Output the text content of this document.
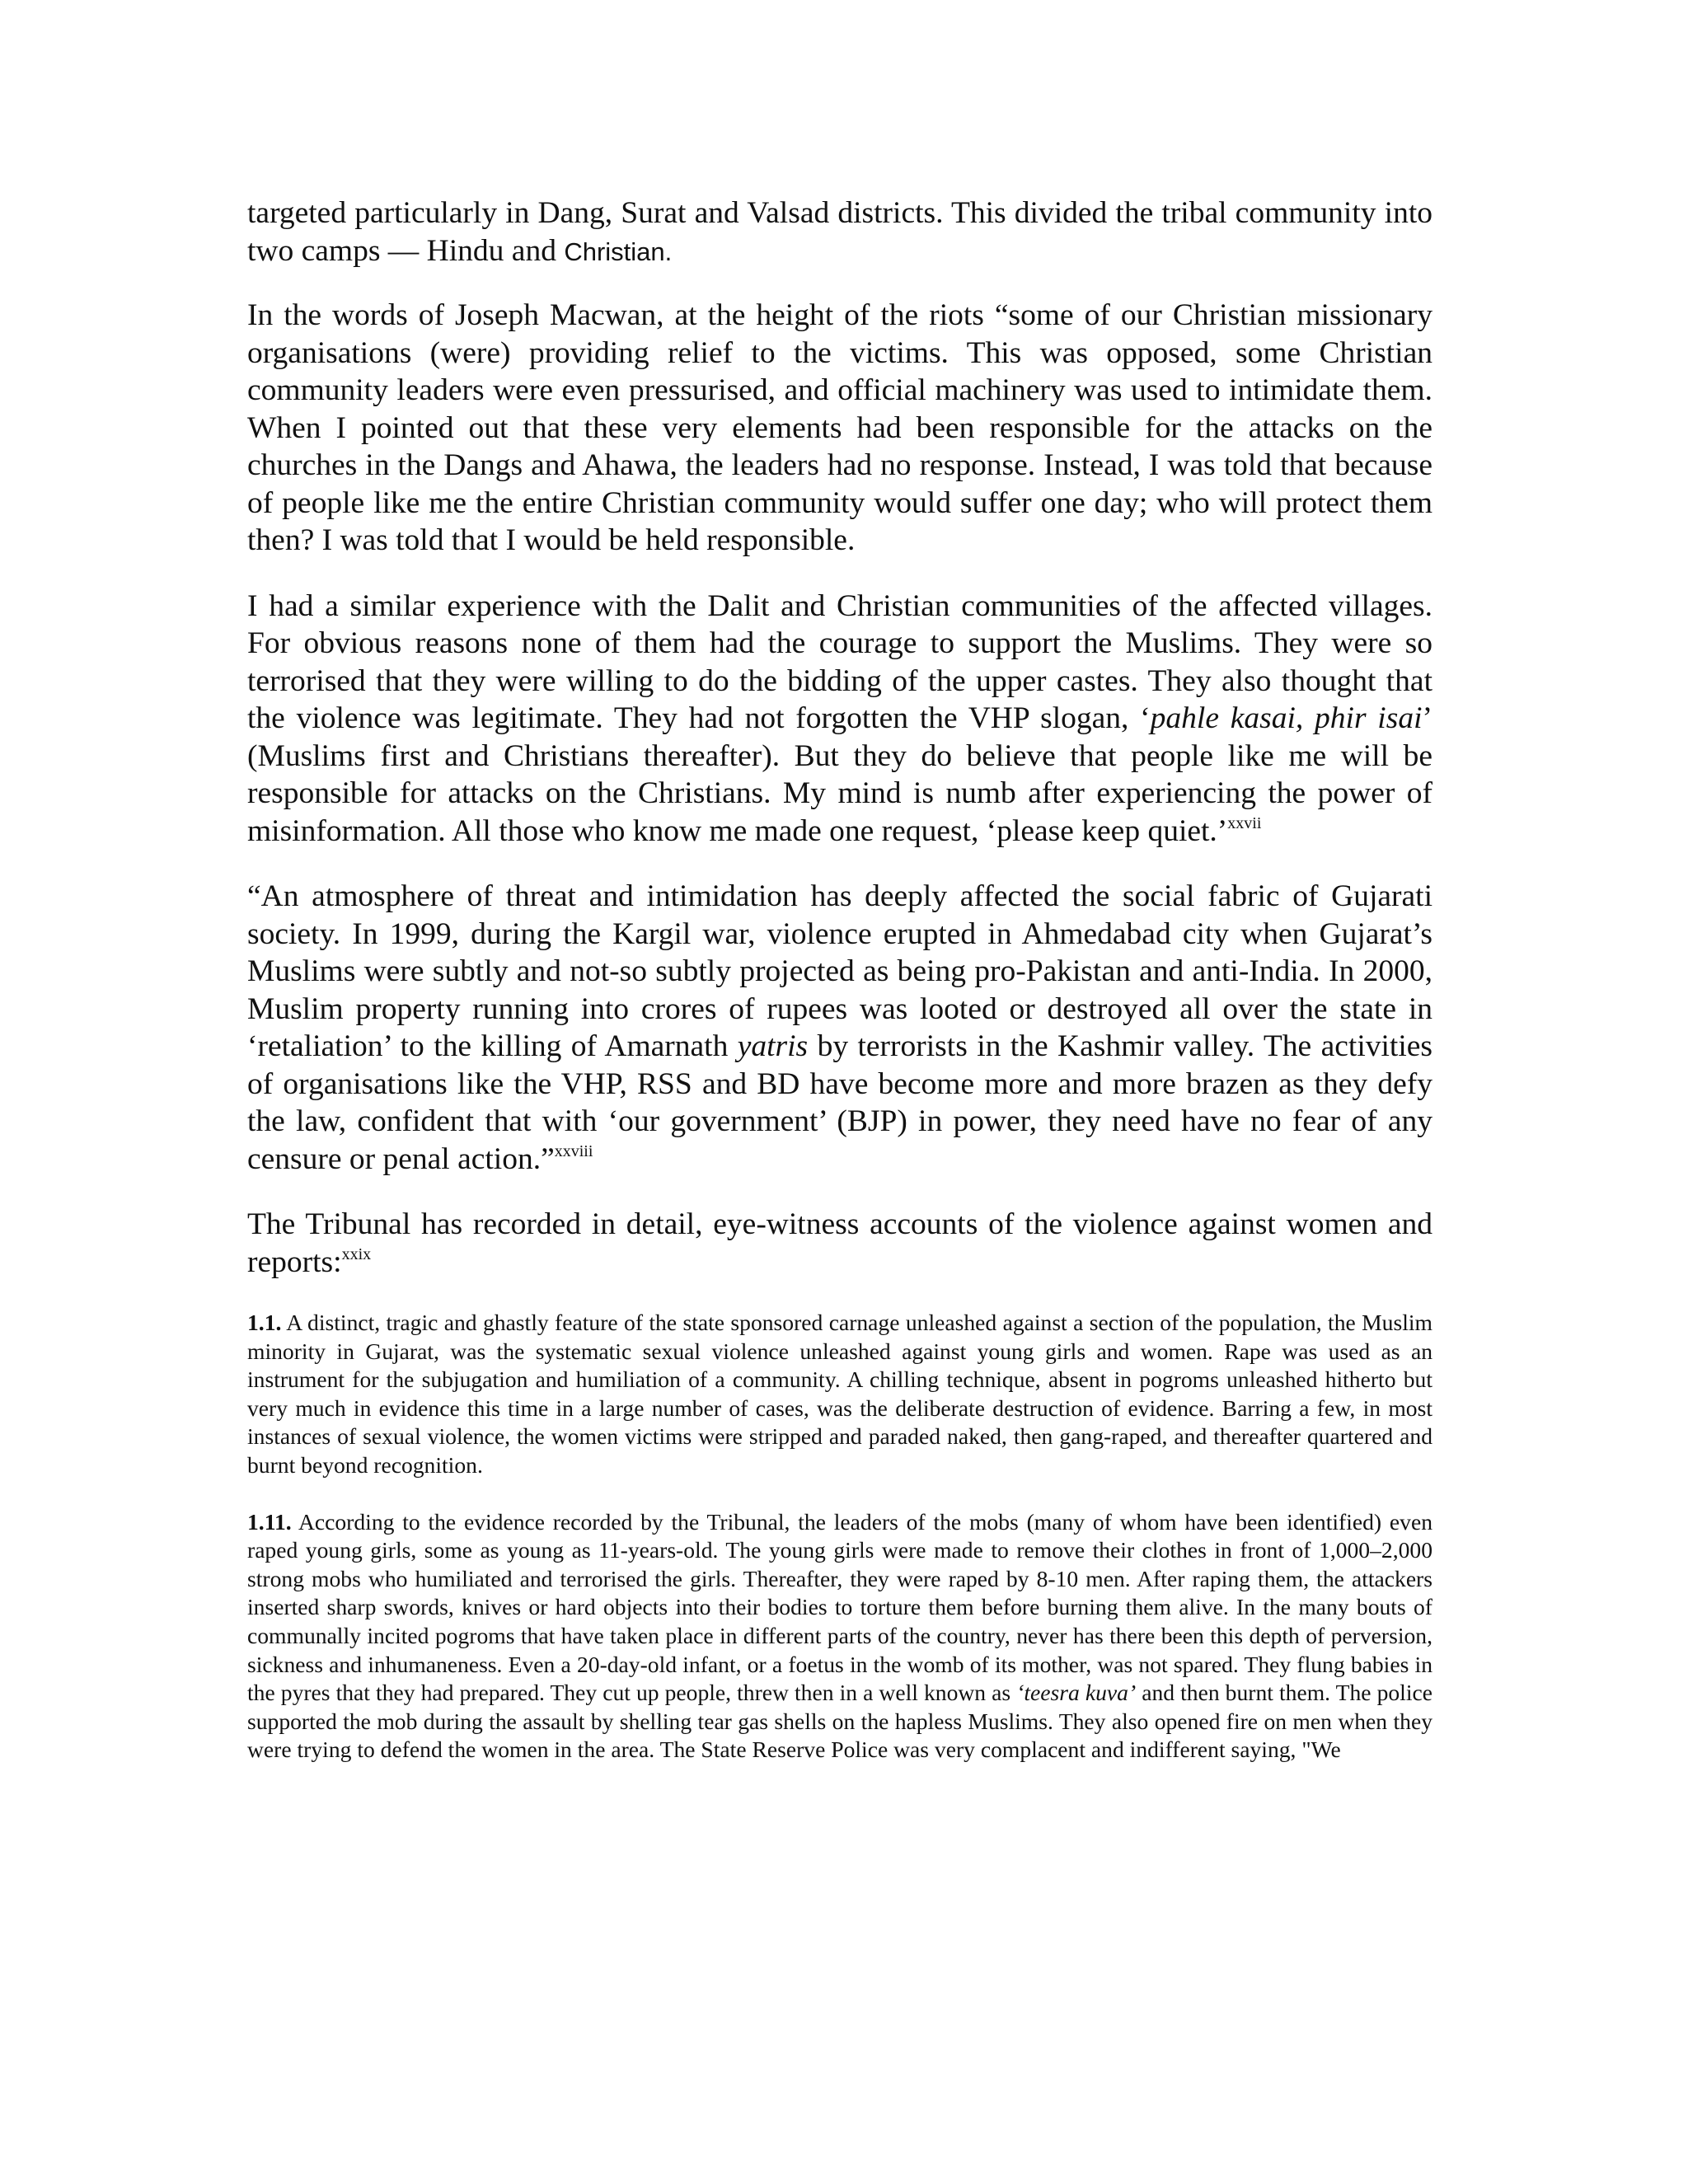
targeted particularly in Dang, Surat and Valsad districts. This divided the tribal community into two camps — Hindu and Christian.

In the words of Joseph Macwan, at the height of the riots “some of our Christian missionary organisations (were) providing relief to the victims. This was opposed, some Christian community leaders were even pressurised, and official machinery was used to intimidate them. When I pointed out that these very elements had been responsible for the attacks on the churches in the Dangs and Ahawa, the leaders had no response. Instead, I was told that because of people like me the entire Christian community would suffer one day; who will protect them then? I was told that I would be held responsible.

I had a similar experience with the Dalit and Christian communities of the affected villages. For obvious reasons none of them had the courage to support the Muslims. They were so terrorised that they were willing to do the bidding of the upper castes. They also thought that the violence was legitimate. They had not forgotten the VHP slogan, ‘pahle kasai, phir isai’ (Muslims first and Christians thereafter). But they do believe that people like me will be responsible for attacks on the Christians. My mind is numb after experiencing the power of misinformation. All those who know me made one request, ‘please keep quiet.’$^{xxvii}$

“An atmosphere of threat and intimidation has deeply affected the social fabric of Gujarati society. In 1999, during the Kargil war, violence erupted in Ahmedabad city when Gujarat’s Muslims were subtly and not-so subtly projected as being pro-Pakistan and anti-India. In 2000, Muslim property running into crores of rupees was looted or destroyed all over the state in ‘retaliation’ to the killing of Amarnath yatris by terrorists in the Kashmir valley. The activities of organisations like the VHP, RSS and BD have become more and more brazen as they defy the law, confident that with ‘our government’ (BJP) in power, they need have no fear of any censure or penal action.”$^{xxviii}$

The Tribunal has recorded in detail, eye-witness accounts of the violence against women and reports:$^{xxix}$

1.1. A distinct, tragic and ghastly feature of the state sponsored carnage unleashed against a section of the population, the Muslim minority in Gujarat, was the systematic sexual violence unleashed against young girls and women. Rape was used as an instrument for the subjugation and humiliation of a community. A chilling technique, absent in pogroms unleashed hitherto but very much in evidence this time in a large number of cases, was the deliberate destruction of evidence. Barring a few, in most instances of sexual violence, the women victims were stripped and paraded naked, then gang-raped, and thereafter quartered and burnt beyond recognition.

1.11. According to the evidence recorded by the Tribunal, the leaders of the mobs (many of whom have been identified) even raped young girls, some as young as 11-years-old. The young girls were made to remove their clothes in front of 1,000–2,000 strong mobs who humiliated and terrorised the girls. Thereafter, they were raped by 8-10 men. After raping them, the attackers inserted sharp swords, knives or hard objects into their bodies to torture them before burning them alive. In the many bouts of communally incited pogroms that have taken place in different parts of the country, never has there been this depth of perversion, sickness and inhumaneness. Even a 20-day-old infant, or a foetus in the womb of its mother, was not spared. They flung babies in the pyres that they had prepared. They cut up people, threw then in a well known as ‘teesra kuva’ and then burnt them. The police supported the mob during the assault by shelling tear gas shells on the hapless Muslims. They also opened fire on men when they were trying to defend the women in the area. The State Reserve Police was very complacent and indifferent saying, "We
